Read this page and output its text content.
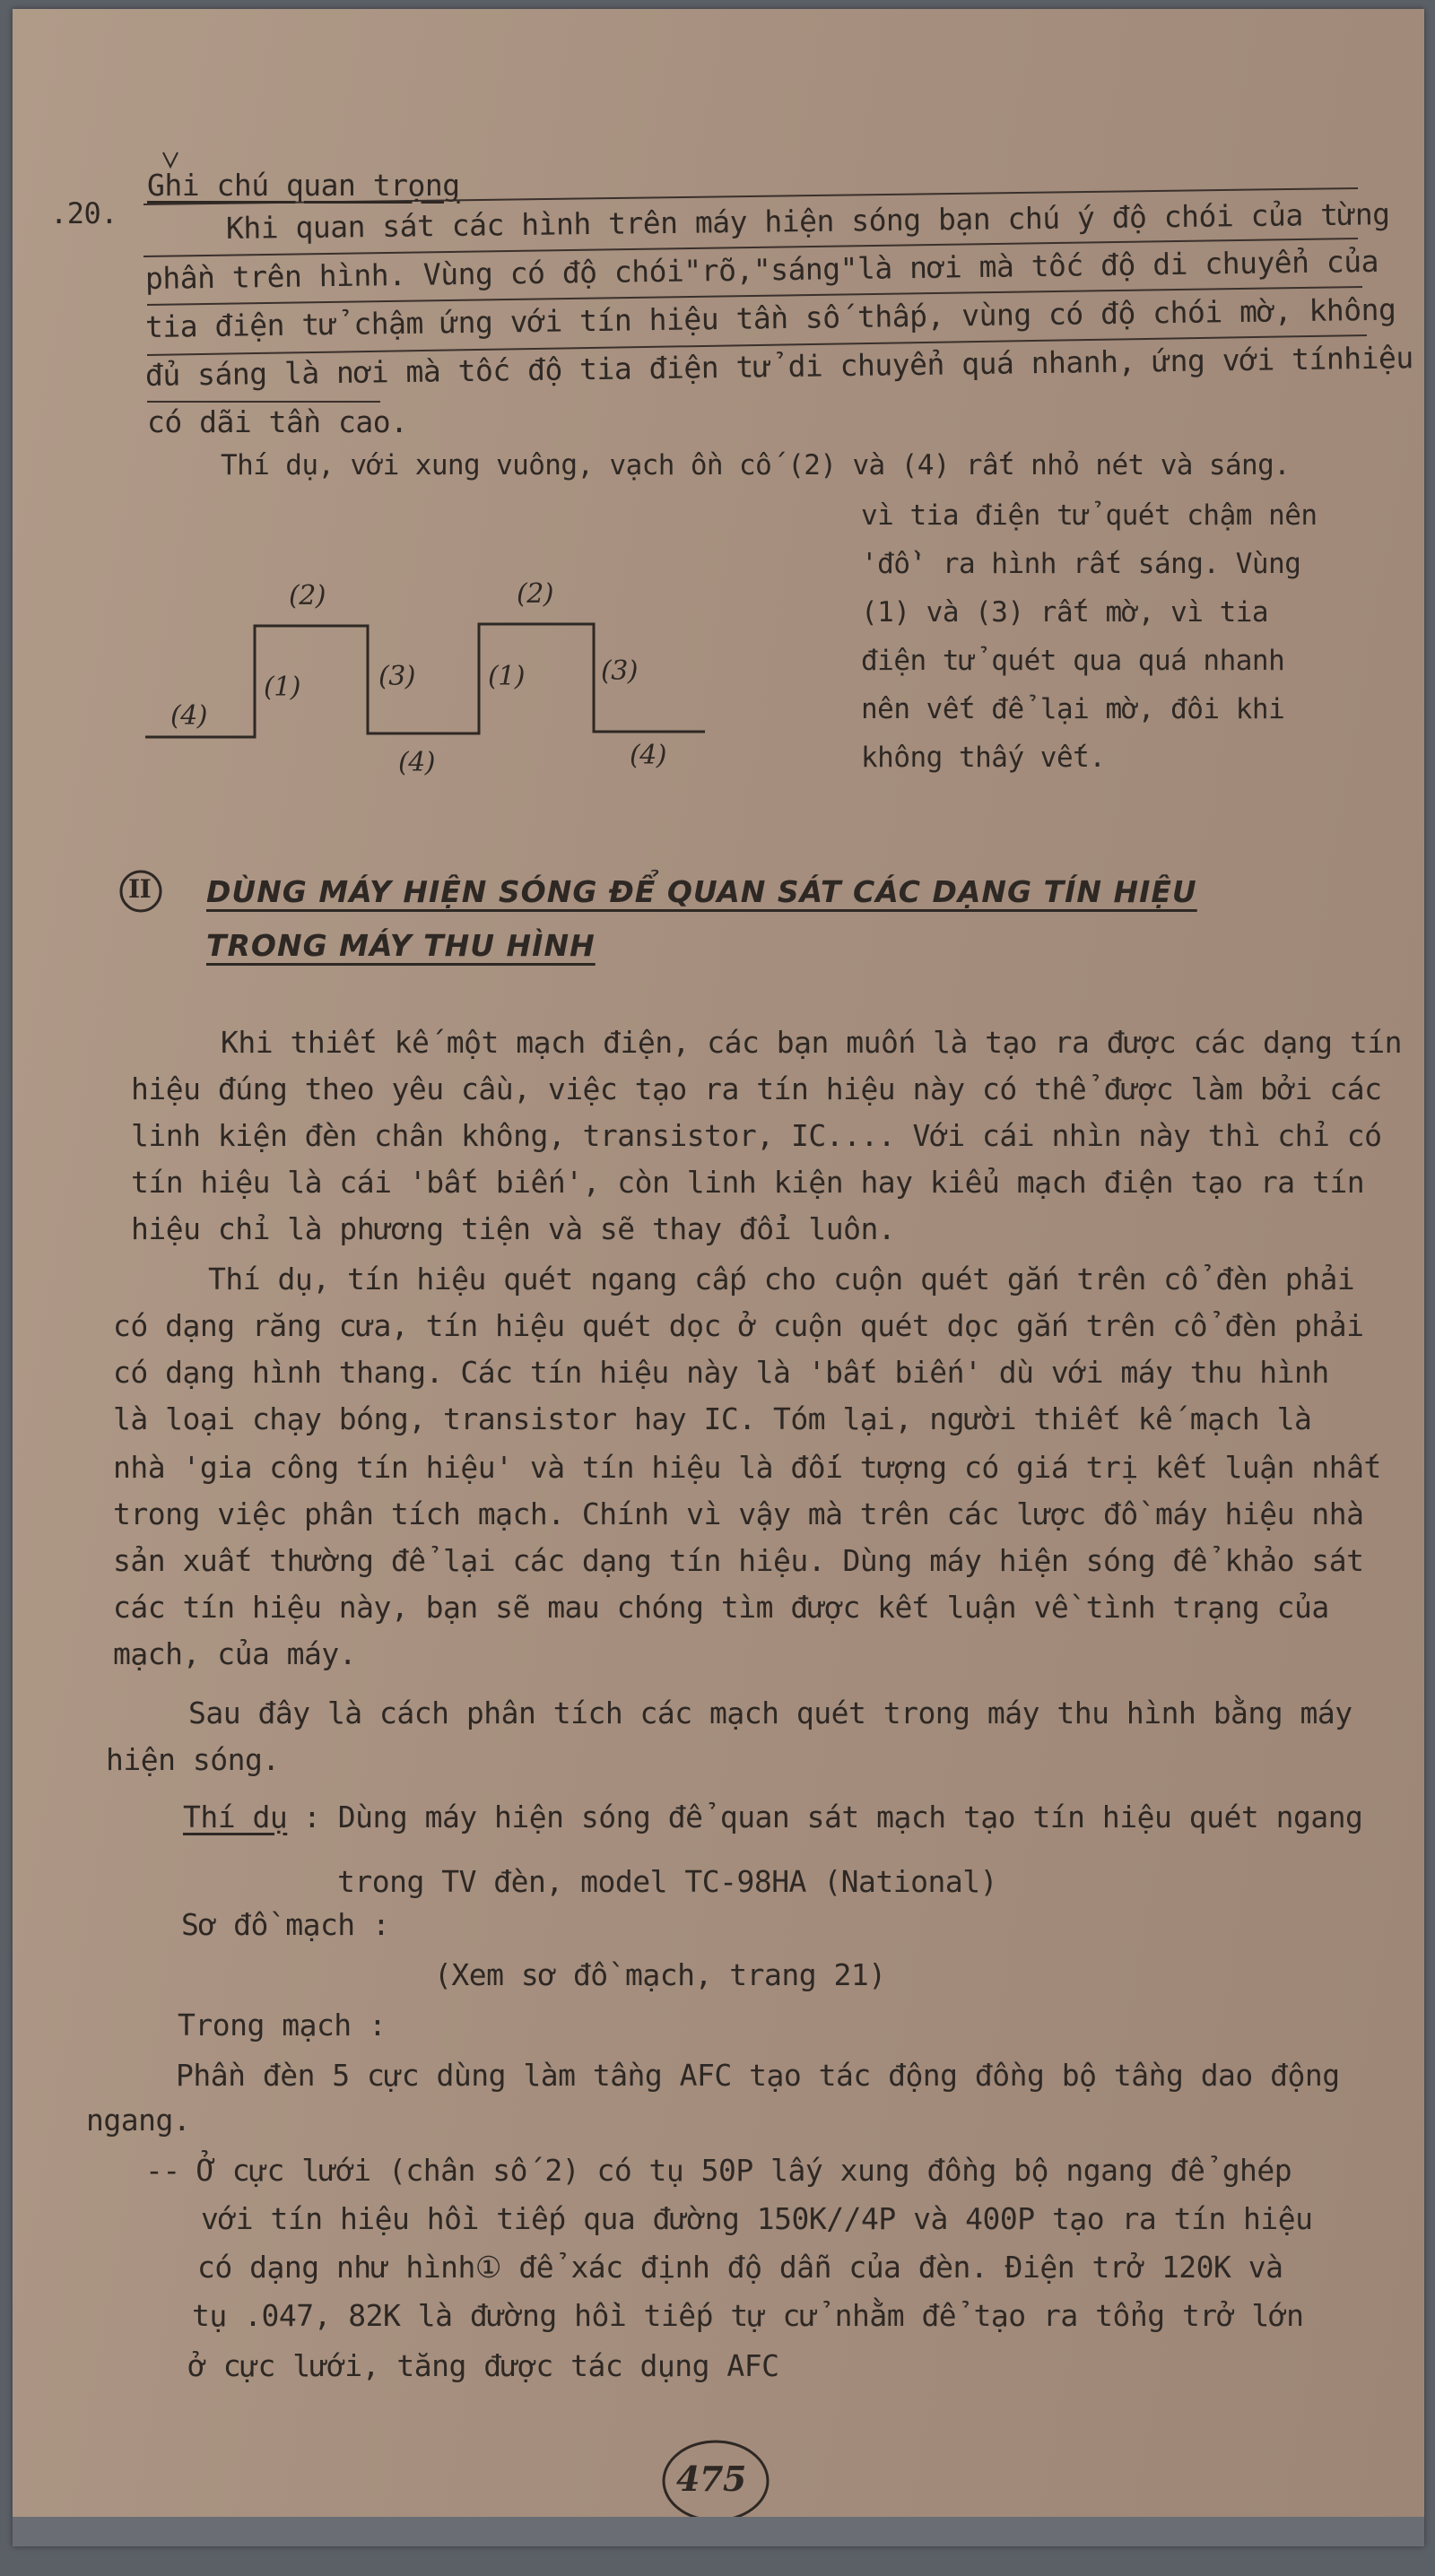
.20.
Ghi chú quan trọng
Khi quan sát các hình trên máy hiện sóng bạn chú ý độ chói của từng
phần trên hình. Vùng có độ chói"rõ,"sáng"là nơi mà tốc độ di chuyển của
tia điện tử chậm ứng với tín hiệu tần số thấp, vùng có độ chói mờ, không
đủ sáng là nơi mà tốc độ tia điện tử di chuyển quá nhanh, ứng với tínhiệu
có dãi tần cao.
Thí dụ, với xung vuông, vạch ồn cố (2) và (4) rất nhỏ nét và sáng.
vì tia điện tử quét chậm nên
'đồ' ra hình rất sáng. Vùng
(1) và (3) rất mờ, vì tia
điện tử quét qua quá nhanh
nên vết để lại mờ, đôi khi
không thấy vết.
(2)	(2)
(1)	(3)	(1)	(3)
(4)
(4)	(4)
II DÙNG MÁY HIỆN SÓNG ĐỂ QUAN SÁT CÁC DẠNG TÍN HIỆU
TRONG MÁY THU HÌNH
Khi thiết kế một mạch điện, các bạn muốn là tạo ra được các dạng tín
hiệu đúng theo yêu cầu, việc tạo ra tín hiệu này có thể được làm bởi các
linh kiện đèn chân không, transistor, IC.... Với cái nhìn này thì chỉ có
tín hiệu là cái 'bất biến', còn linh kiện hay kiểu mạch điện tạo ra tín
hiệu chỉ là phương tiện và sẽ thay đổi luôn.
Thí dụ, tín hiệu quét ngang cấp cho cuộn quét gắn trên cổ đèn phải
có dạng răng cưa, tín hiệu quét dọc ở cuộn quét dọc gắn trên cổ đèn phải
có dạng hình thang. Các tín hiệu này là 'bất biến' dù với máy thu hình
là loại chạy bóng, transistor hay IC. Tóm lại, người thiết kế mạch là
nhà 'gia công tín hiệu' và tín hiệu là đối tượng có giá trị kết luận nhất
trong việc phân tích mạch. Chính vì vậy mà trên các lược đồ máy hiệu nhà
sản xuất thường để lại các dạng tín hiệu. Dùng máy hiện sóng để khảo sát
các tín hiệu này, bạn sẽ mau chóng tìm được kết luận về tình trạng của
mạch, của máy.
Sau đây là cách phân tích các mạch quét trong máy thu hình bằng máy
hiện sóng.
Thí dụ : Dùng máy hiện sóng để quan sát mạch tạo tín hiệu quét ngang
trong TV đèn, model TC-98HA (National)
Sơ đồ mạch :
(Xem sơ đồ mạch, trang 21)
Trong mạch :
Phần đèn 5 cực dùng làm tầng AFC tạo tác động đồng bộ tầng dao động
ngang.
-- Ở cực lưới (chân số 2) có tụ 50P lấy xung đồng bộ ngang để ghép
với tín hiệu hồi tiếp qua đường 150K//4P và 400P tạo ra tín hiệu
có dạng như hình① để xác định độ dẫn của đèn. Điện trở 120K và
tụ .047, 82K là đường hồi tiếp tự cử nhằm để tạo ra tổng trở lớn
ở cực lưới, tăng được tác dụng AFC
475
